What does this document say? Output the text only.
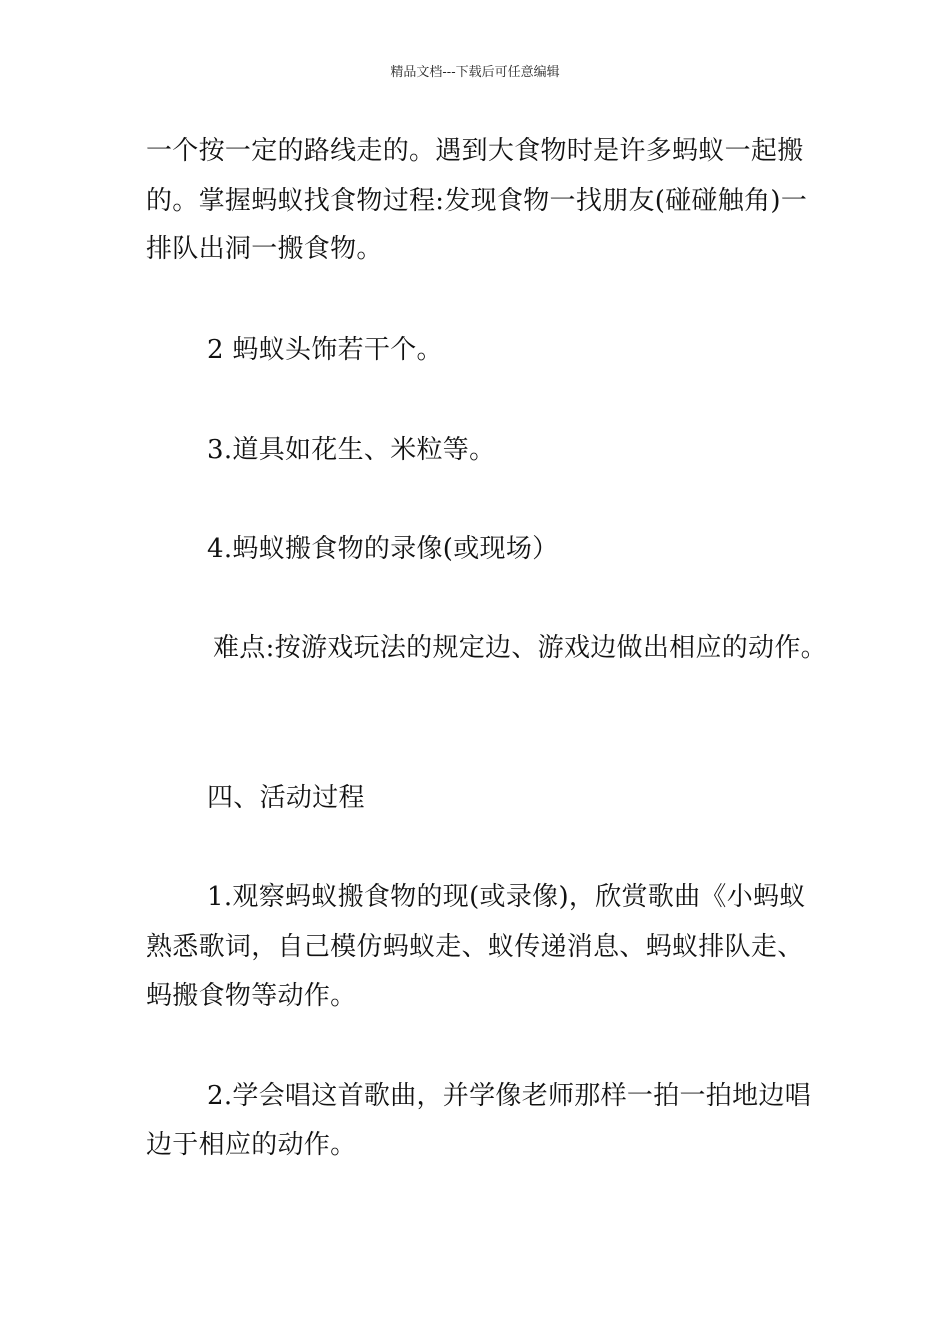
精品文档---下载后可任意编辑
一个按一定的路线走的。遇到大食物时是许多蚂蚁一起搬
的。掌握蚂蚁找食物过程:发现食物一找朋友(碰碰触角)一
排队出洞一搬食物。
2 蚂蚁头饰若干个。
3.道具如花生、米粒等。
4.蚂蚁搬食物的录像(或现场）
难点:按游戏玩法的规定边、游戏边做出相应的动作。
四、活动过程
1.观察蚂蚁搬食物的现(或录像)，欣赏歌曲《小蚂蚁
熟悉歌词，自己模仿蚂蚁走、蚁传递消息、蚂蚁排队走、
蚂搬食物等动作。
2.学会唱这首歌曲，并学像老师那样一拍一拍地边唱
边于相应的动作。
